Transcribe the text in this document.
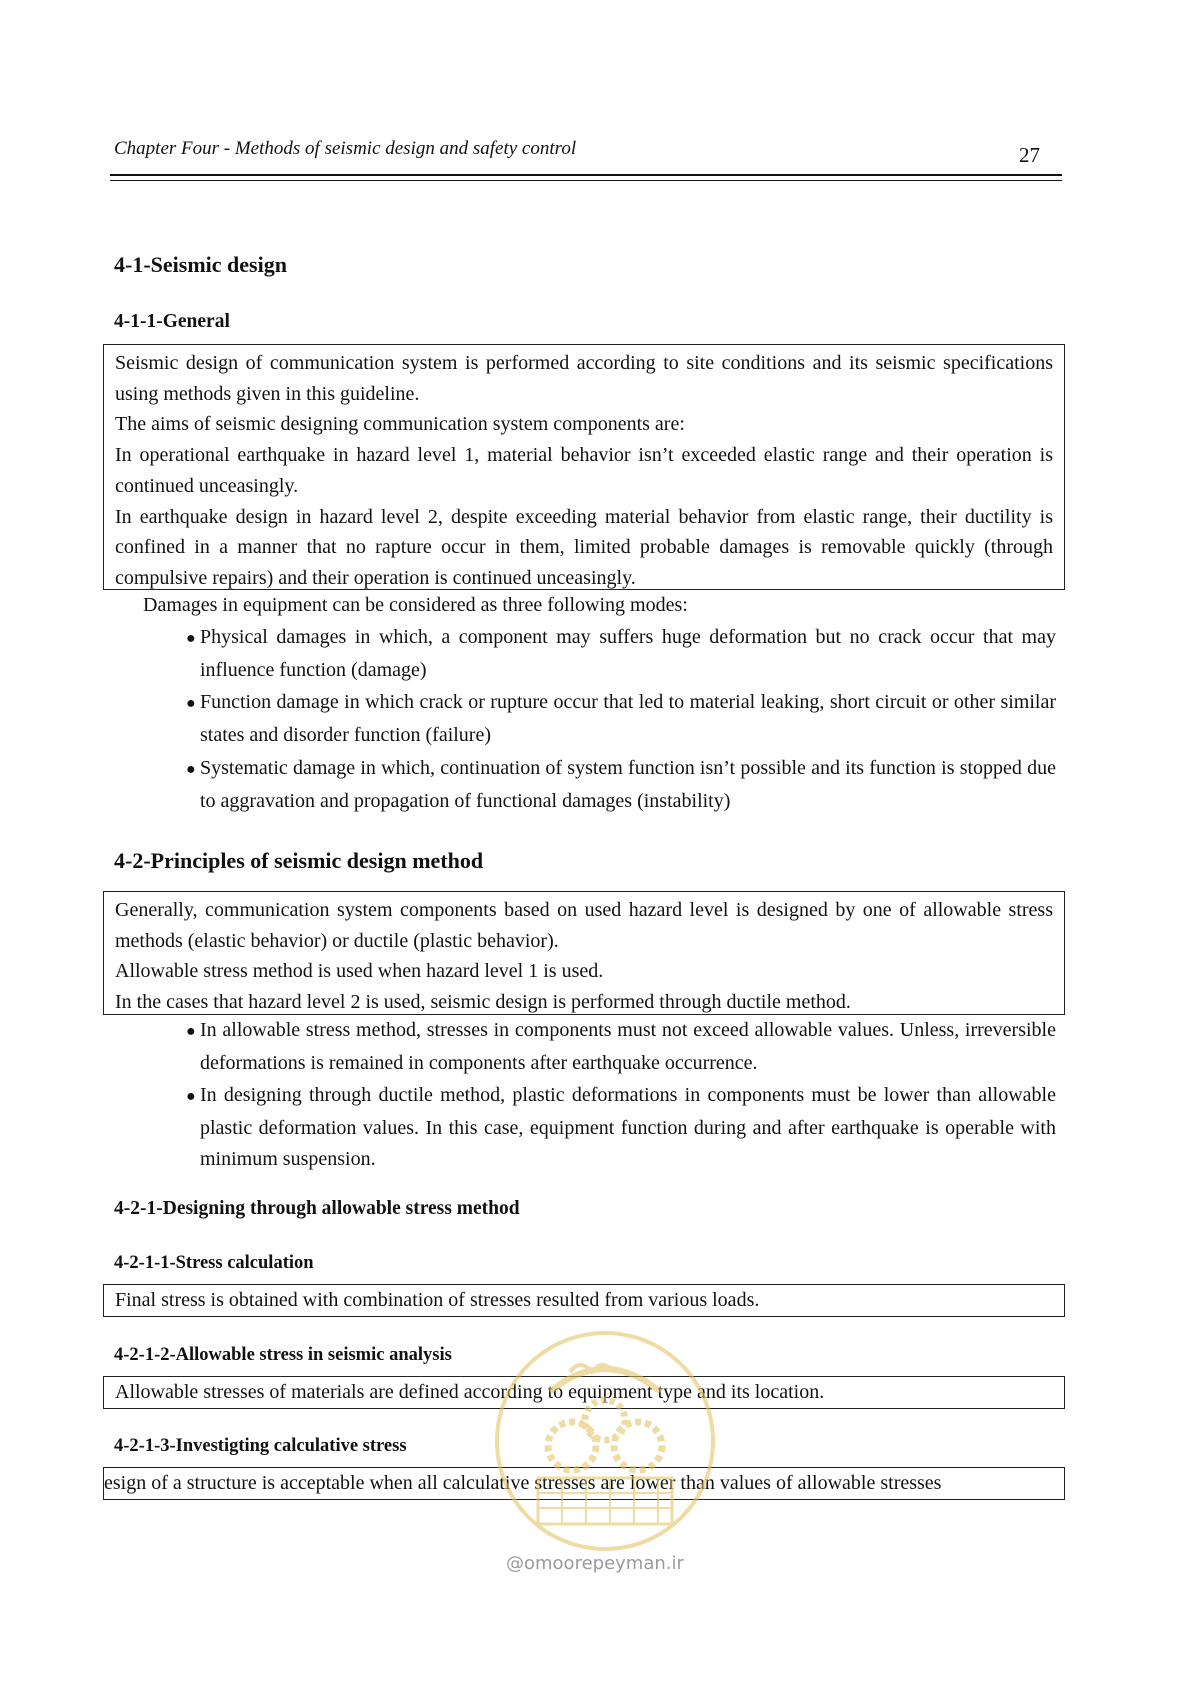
Chapter Four - Methods of seismic design and safety control	27
4-1-Seismic design
4-1-1-General

Seismic design of communication system is performed according to site conditions and its seismic specifications using methods given in this guideline.

The aims of seismic designing communication system components are:

In operational earthquake in hazard level 1, material behavior isn’t exceeded elastic range and their operation is continued unceasingly.

In earthquake design in hazard level 2, despite exceeding material behavior from elastic range, their ductility is confined in a manner that no rapture occur in them, limited probable damages is removable quickly (through compulsive repairs) and their operation is continued unceasingly.

Damages in equipment can be considered as three following modes:
● Physical damages in which, a component may suffers huge deformation but no crack occur that may influence function (damage)
● Function damage in which crack or rupture occur that led to material leaking, short circuit or other similar states and disorder function (failure)
● Systematic damage in which, continuation of system function isn’t possible and its function is stopped due to aggravation and propagation of functional damages (instability)
4-2-Principles of seismic design method

Generally, communication system components based on used hazard level is designed by one of allowable stress methods (elastic behavior) or ductile (plastic behavior).

Allowable stress method is used when hazard level 1 is used.

In the cases that hazard level 2 is used, seismic design is performed through ductile method.

● In allowable stress method, stresses in components must not exceed allowable values. Unless, irreversible deformations is remained in components after earthquake occurrence.
● In designing through ductile method, plastic deformations in components must be lower than allowable plastic deformation values. In this case, equipment function during and after earthquake is operable with minimum suspension.
4-2-1-Designing through allowable stress method
4-2-1-1-Stress calculation

Final stress is obtained with combination of stresses resulted from various loads.

4-2-1-2-Allowable stress in seismic analysis

Allowable stresses of materials are defined according to equipment type and its location.

4-2-1-3-Investigting calculative stress

esign of a structure is acceptable when all calculative stresses are lower than values of allowable stresses

@omoorepeyman.ir
